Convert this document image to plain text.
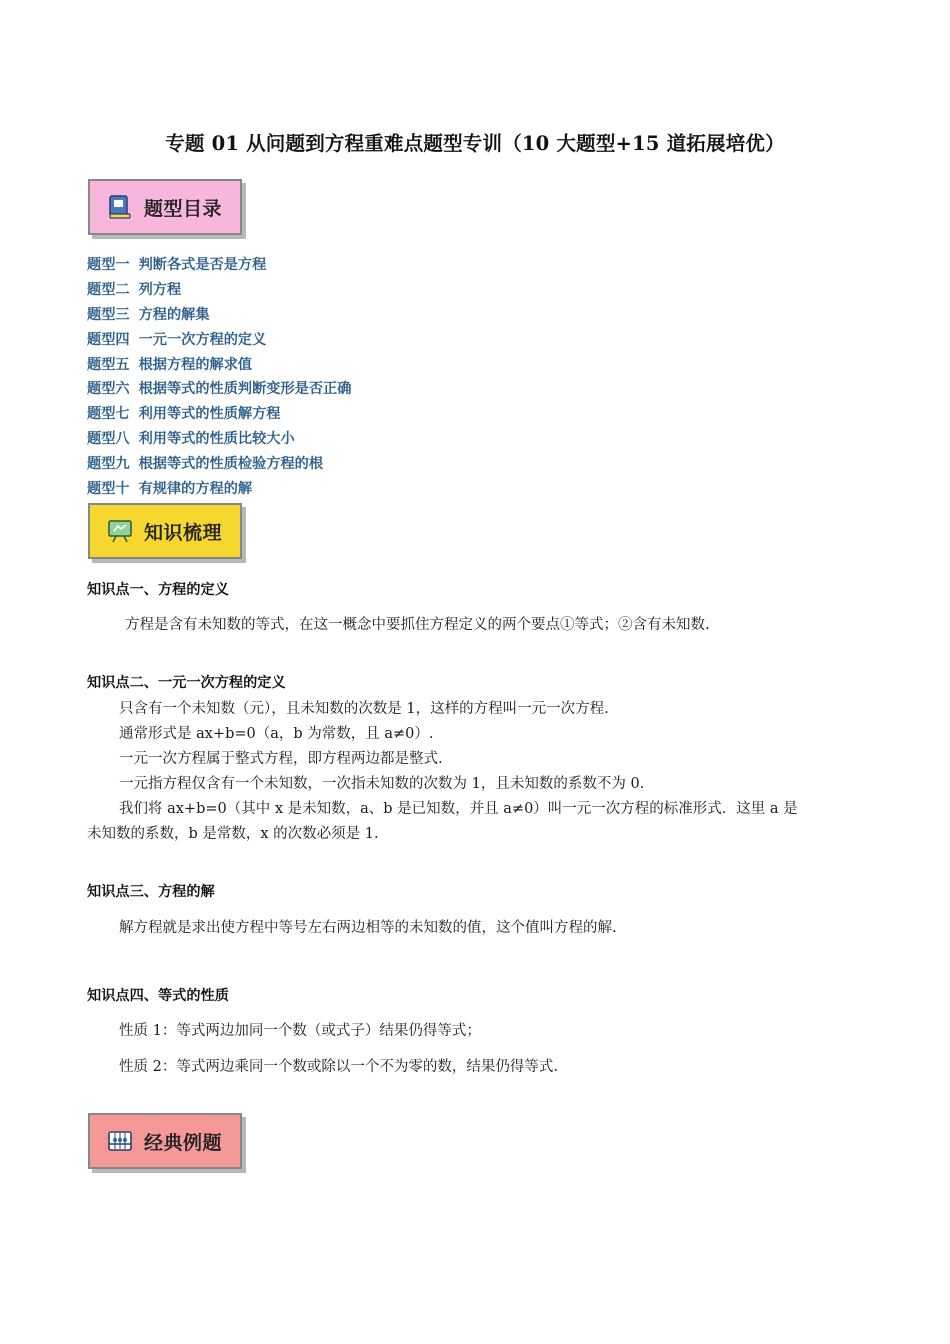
专题 01 从问题到方程重难点题型专训（10 大题型+15 道拓展培优）
题型目录
题型一 判断各式是否是方程
题型二 列方程
题型三 方程的解集
题型四 一元一次方程的定义
题型五 根据方程的解求值
题型六 根据等式的性质判断变形是否正确
题型七 利用等式的性质解方程
题型八 利用等式的性质比较大小
题型九 根据等式的性质检验方程的根
题型十 有规律的方程的解
知识梳理
知识点一、方程的定义
方程是含有未知数的等式，在这一概念中要抓住方程定义的两个要点①等式；②含有未知数.
知识点二、一元一次方程的定义
只含有一个未知数（元），且未知数的次数是 1，这样的方程叫一元一次方程.
通常形式是 ax+b=0（a，b 为常数，且 a≠0）.
一元一次方程属于整式方程，即方程两边都是整式.
一元指方程仅含有一个未知数，一次指未知数的次数为 1，且未知数的系数不为 0.
我们将 ax+b=0（其中 x 是未知数，a、b 是已知数，并且 a≠0）叫一元一次方程的标准形式．这里 a 是
未知数的系数，b 是常数，x 的次数必须是 1.
知识点三、方程的解
解方程就是求出使方程中等号左右两边相等的未知数的值，这个值叫方程的解.
知识点四、等式的性质
性质 1：等式两边加同一个数（或式子）结果仍得等式；
性质 2：等式两边乘同一个数或除以一个不为零的数，结果仍得等式.
经典例题
